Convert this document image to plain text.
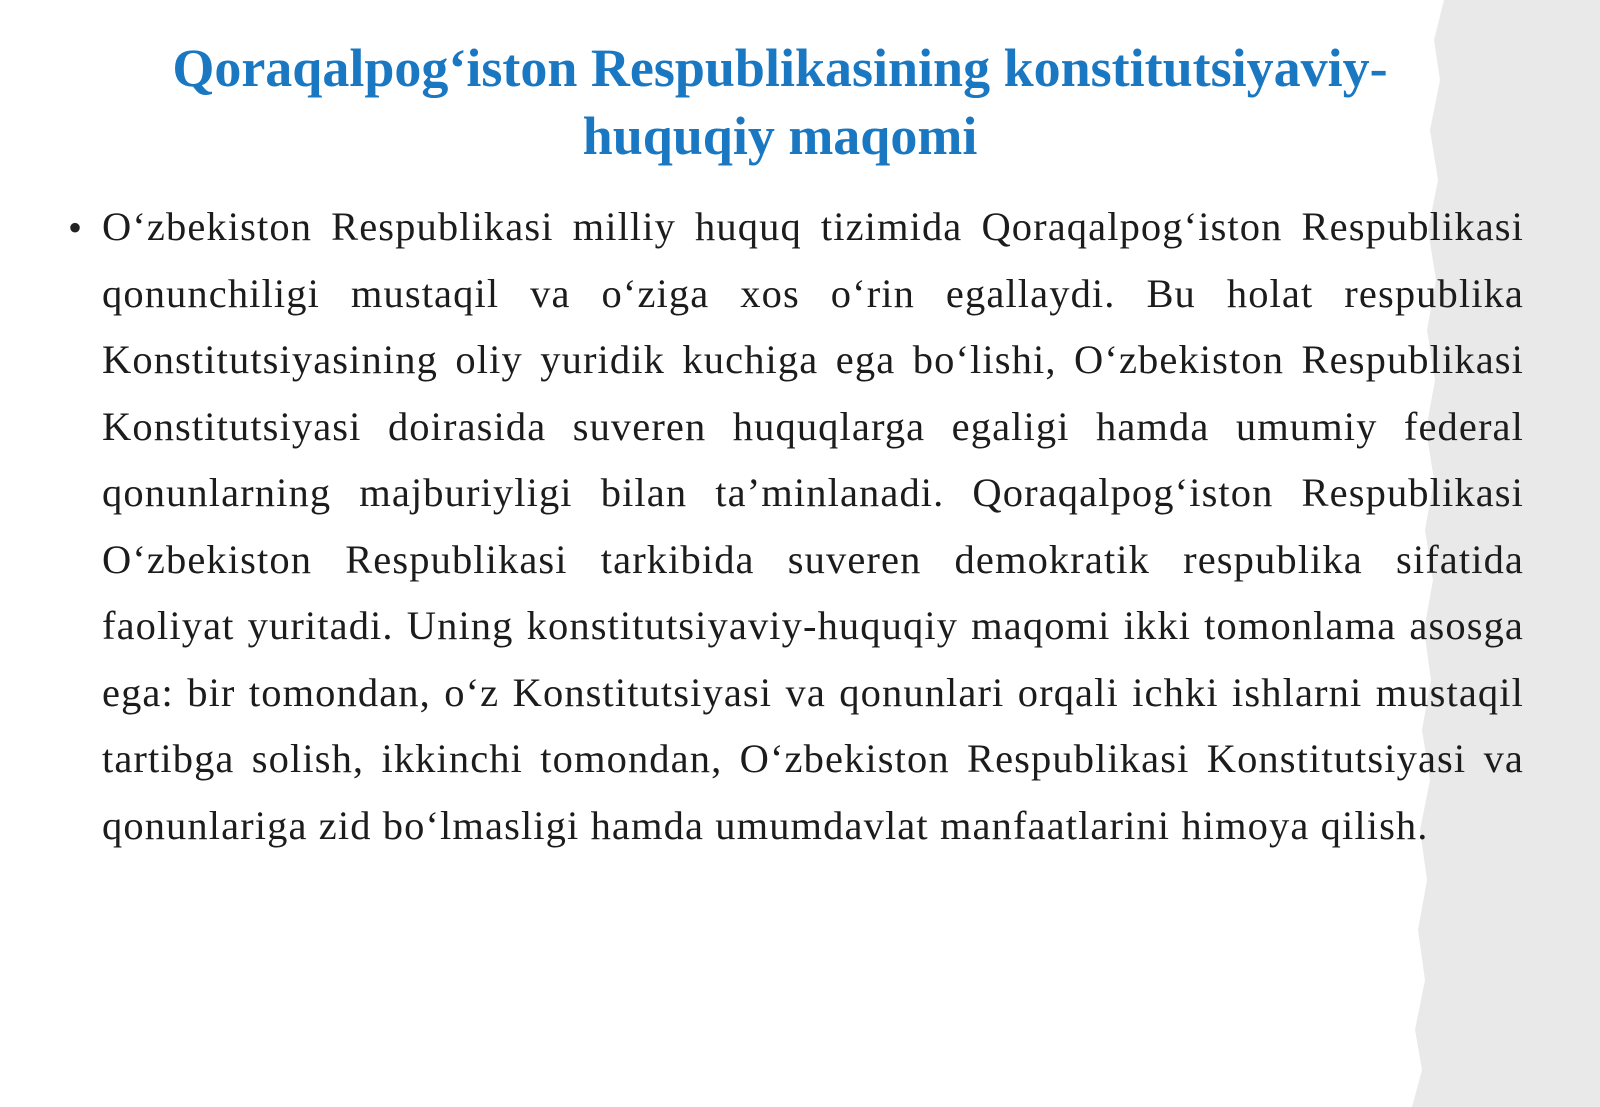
Qoraqalpog‘iston Respublikasining konstitutsiyaviy-huquqiy maqomi
• O‘zbekiston Respublikasi milliy huquq tizimida Qoraqalpog‘iston Respublikasi qonunchiligi mustaqil va o‘ziga xos o‘rin egallaydi. Bu holat respublika Konstitutsiyasining oliy yuridik kuchiga ega bo‘lishi, O‘zbekiston Respublikasi Konstitutsiyasi doirasida suveren huquqlarga egaligi hamda umumiy federal qonunlarning majburiyligi bilan ta’minlanadi. Qoraqalpog‘iston Respublikasi O‘zbekiston Respublikasi tarkibida suveren demokratik respublika sifatida faoliyat yuritadi. Uning konstitutsiyaviy-huquqiy maqomi ikki tomonlama asosga ega: bir tomondan, o‘z Konstitutsiyasi va qonunlari orqali ichki ishlarni mustaqil tartibga solish, ikkinchi tomondan, O‘zbekiston Respublikasi Konstitutsiyasi va qonunlariga zid bo‘lmasligi hamda umumdavlat manfaatlarini himoya qilish.
